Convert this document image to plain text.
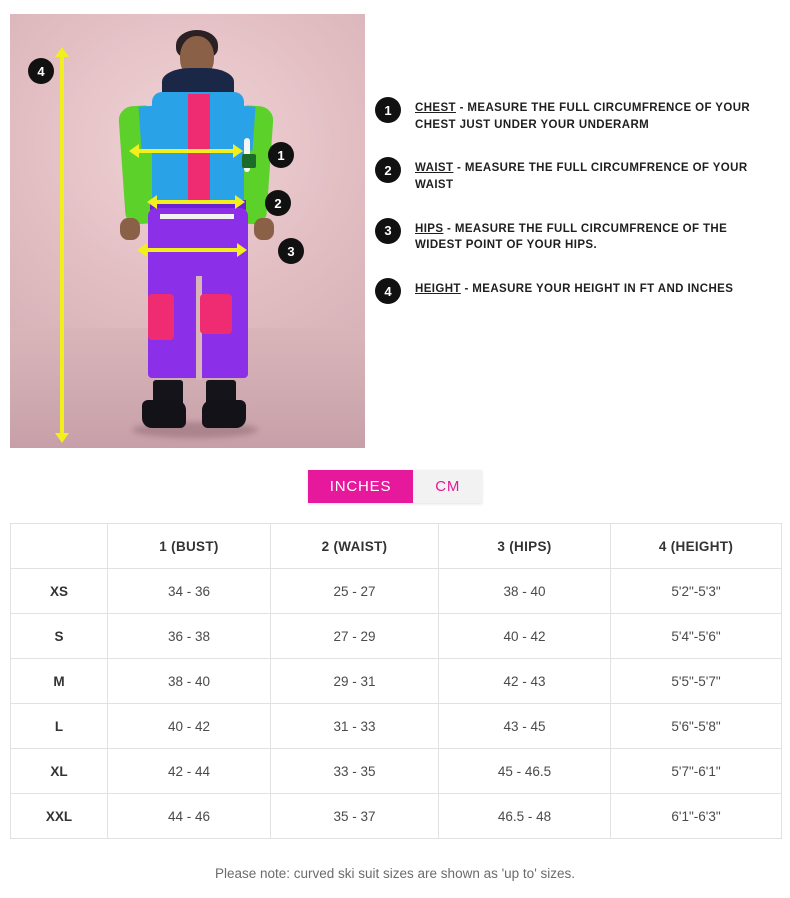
4
1
2
3
1	CHEST - MEASURE THE FULL CIRCUMFRENCE OF YOUR CHEST JUST UNDER YOUR UNDERARM
2	WAIST - MEASURE THE FULL CIRCUMFRENCE OF YOUR WAIST
3	HIPS - MEASURE THE FULL CIRCUMFRENCE OF THE WIDEST POINT OF YOUR HIPS.
4	HEIGHT - MEASURE YOUR HEIGHT IN FT AND INCHES
INCHES	CM
	1 (BUST)	2 (WAIST)	3 (HIPS)	4 (HEIGHT)
XS	34 - 36	25 - 27	38 - 40	5'2"-5'3"
S	36 - 38	27 - 29	40 - 42	5'4"-5'6"
M	38 - 40	29 - 31	42 - 43	5'5"-5'7"
L	40 - 42	31 - 33	43 - 45	5'6"-5'8"
XL	42 - 44	33 - 35	45 - 46.5	5'7"-6'1"
XXL	44 - 46	35 - 37	46.5 - 48	6'1"-6'3"
Please note: curved ski suit sizes are shown as 'up to' sizes.
